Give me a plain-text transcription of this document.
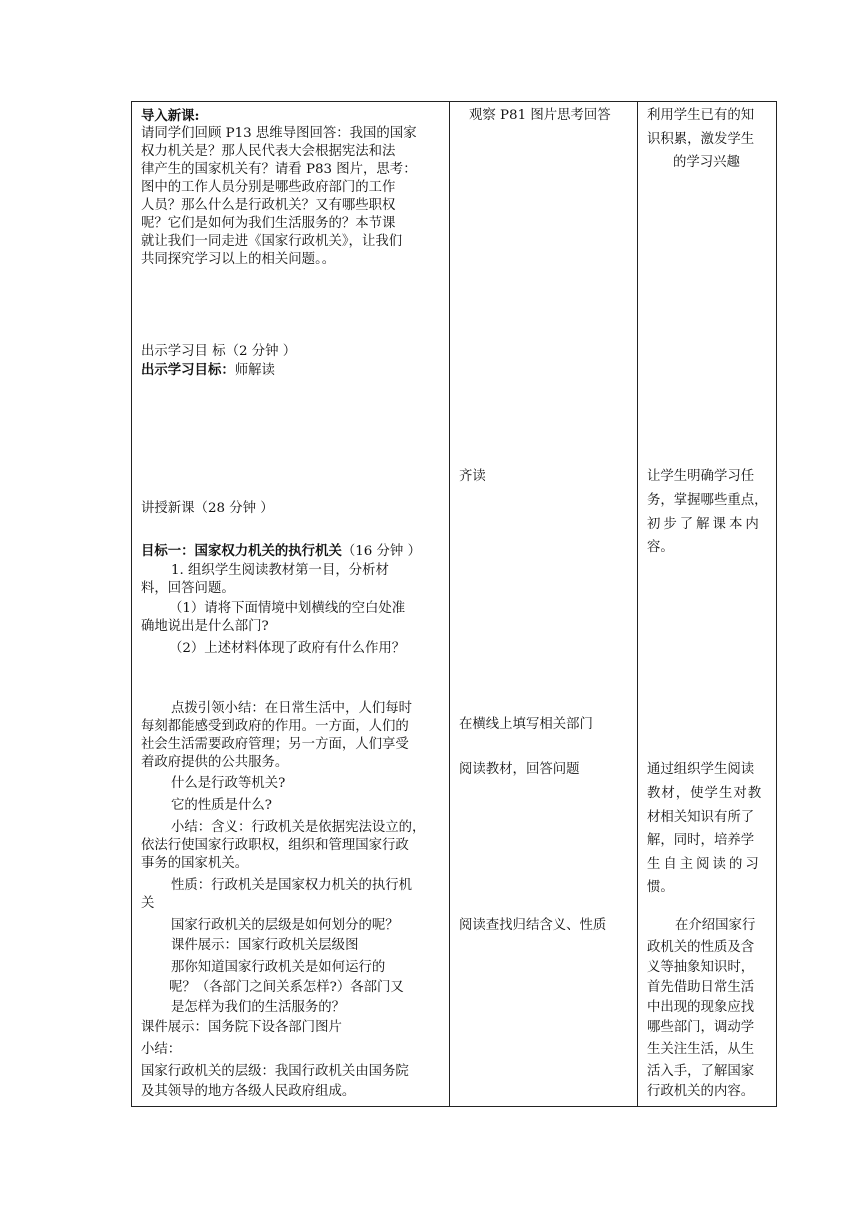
导入新课:
请同学们回顾 P13 思维导图回答：我国的国家
权力机关是？那人民代表大会根据宪法和法
律产生的国家机关有？请看 P83 图片，思考：
图中的工作人员分别是哪些政府部门的工作
人员？那么什么是行政机关？又有哪些职权
呢？它们是如何为我们生活服务的？本节课
就让我们一同走进《国家行政机关》，让我们
共同探究学习以上的相关问题。。
出示学习目 标（2 分钟 ）
出示学习目标：师解读
讲授新课（28 分钟 ）
目标一：国家权力机关的执行机关（16 分钟 ）
1. 组织学生阅读教材第一目，分析材
料，回答问题。
（1）请将下面情境中划横线的空白处准
确地说出是什么部门?
（2）上述材料体现了政府有什么作用？
点拨引领小结：在日常生活中，人们每时
每刻都能感受到政府的作用。一方面，人们的
社会生活需要政府管理；另一方面，人们享受
着政府提供的公共服务。
什么是行政等机关?
它的性质是什么?
小结：含义：行政机关是依据宪法设立的，
依法行使国家行政职权，组织和管理国家行政
事务的国家机关。
性质：行政机关是国家权力机关的执行机
关
国家行政机关的层级是如何划分的呢？
课件展示：国家行政机关层级图
那你知道国家行政机关是如何运行的
呢？（各部门之间关系怎样?）各部门又
是怎样为我们的生活服务的？
课件展示：国务院下设各部门图片
小结：
国家行政机关的层级：我国行政机关由国务院
及其领导的地方各级人民政府组成。
观察 P81 图片思考回答
齐读
在横线上填写相关部门
阅读教材，回答问题
阅读查找归结含义、性质
利用学生已有的知
识积累，激发学生
的学习兴趣
让学生明确学习任
务，掌握哪些重点，
初步了解课本内
容。
通过组织学生阅读
教材，使学生对教
材相关知识有所了
解，同时，培养学
生自主阅读的习
惯。
在介绍国家行
政机关的性质及含
义等抽象知识时，
首先借助日常生活
中出现的现象应找
哪些部门，调动学
生关注生活，从生
活入手，了解国家
行政机关的内容。
